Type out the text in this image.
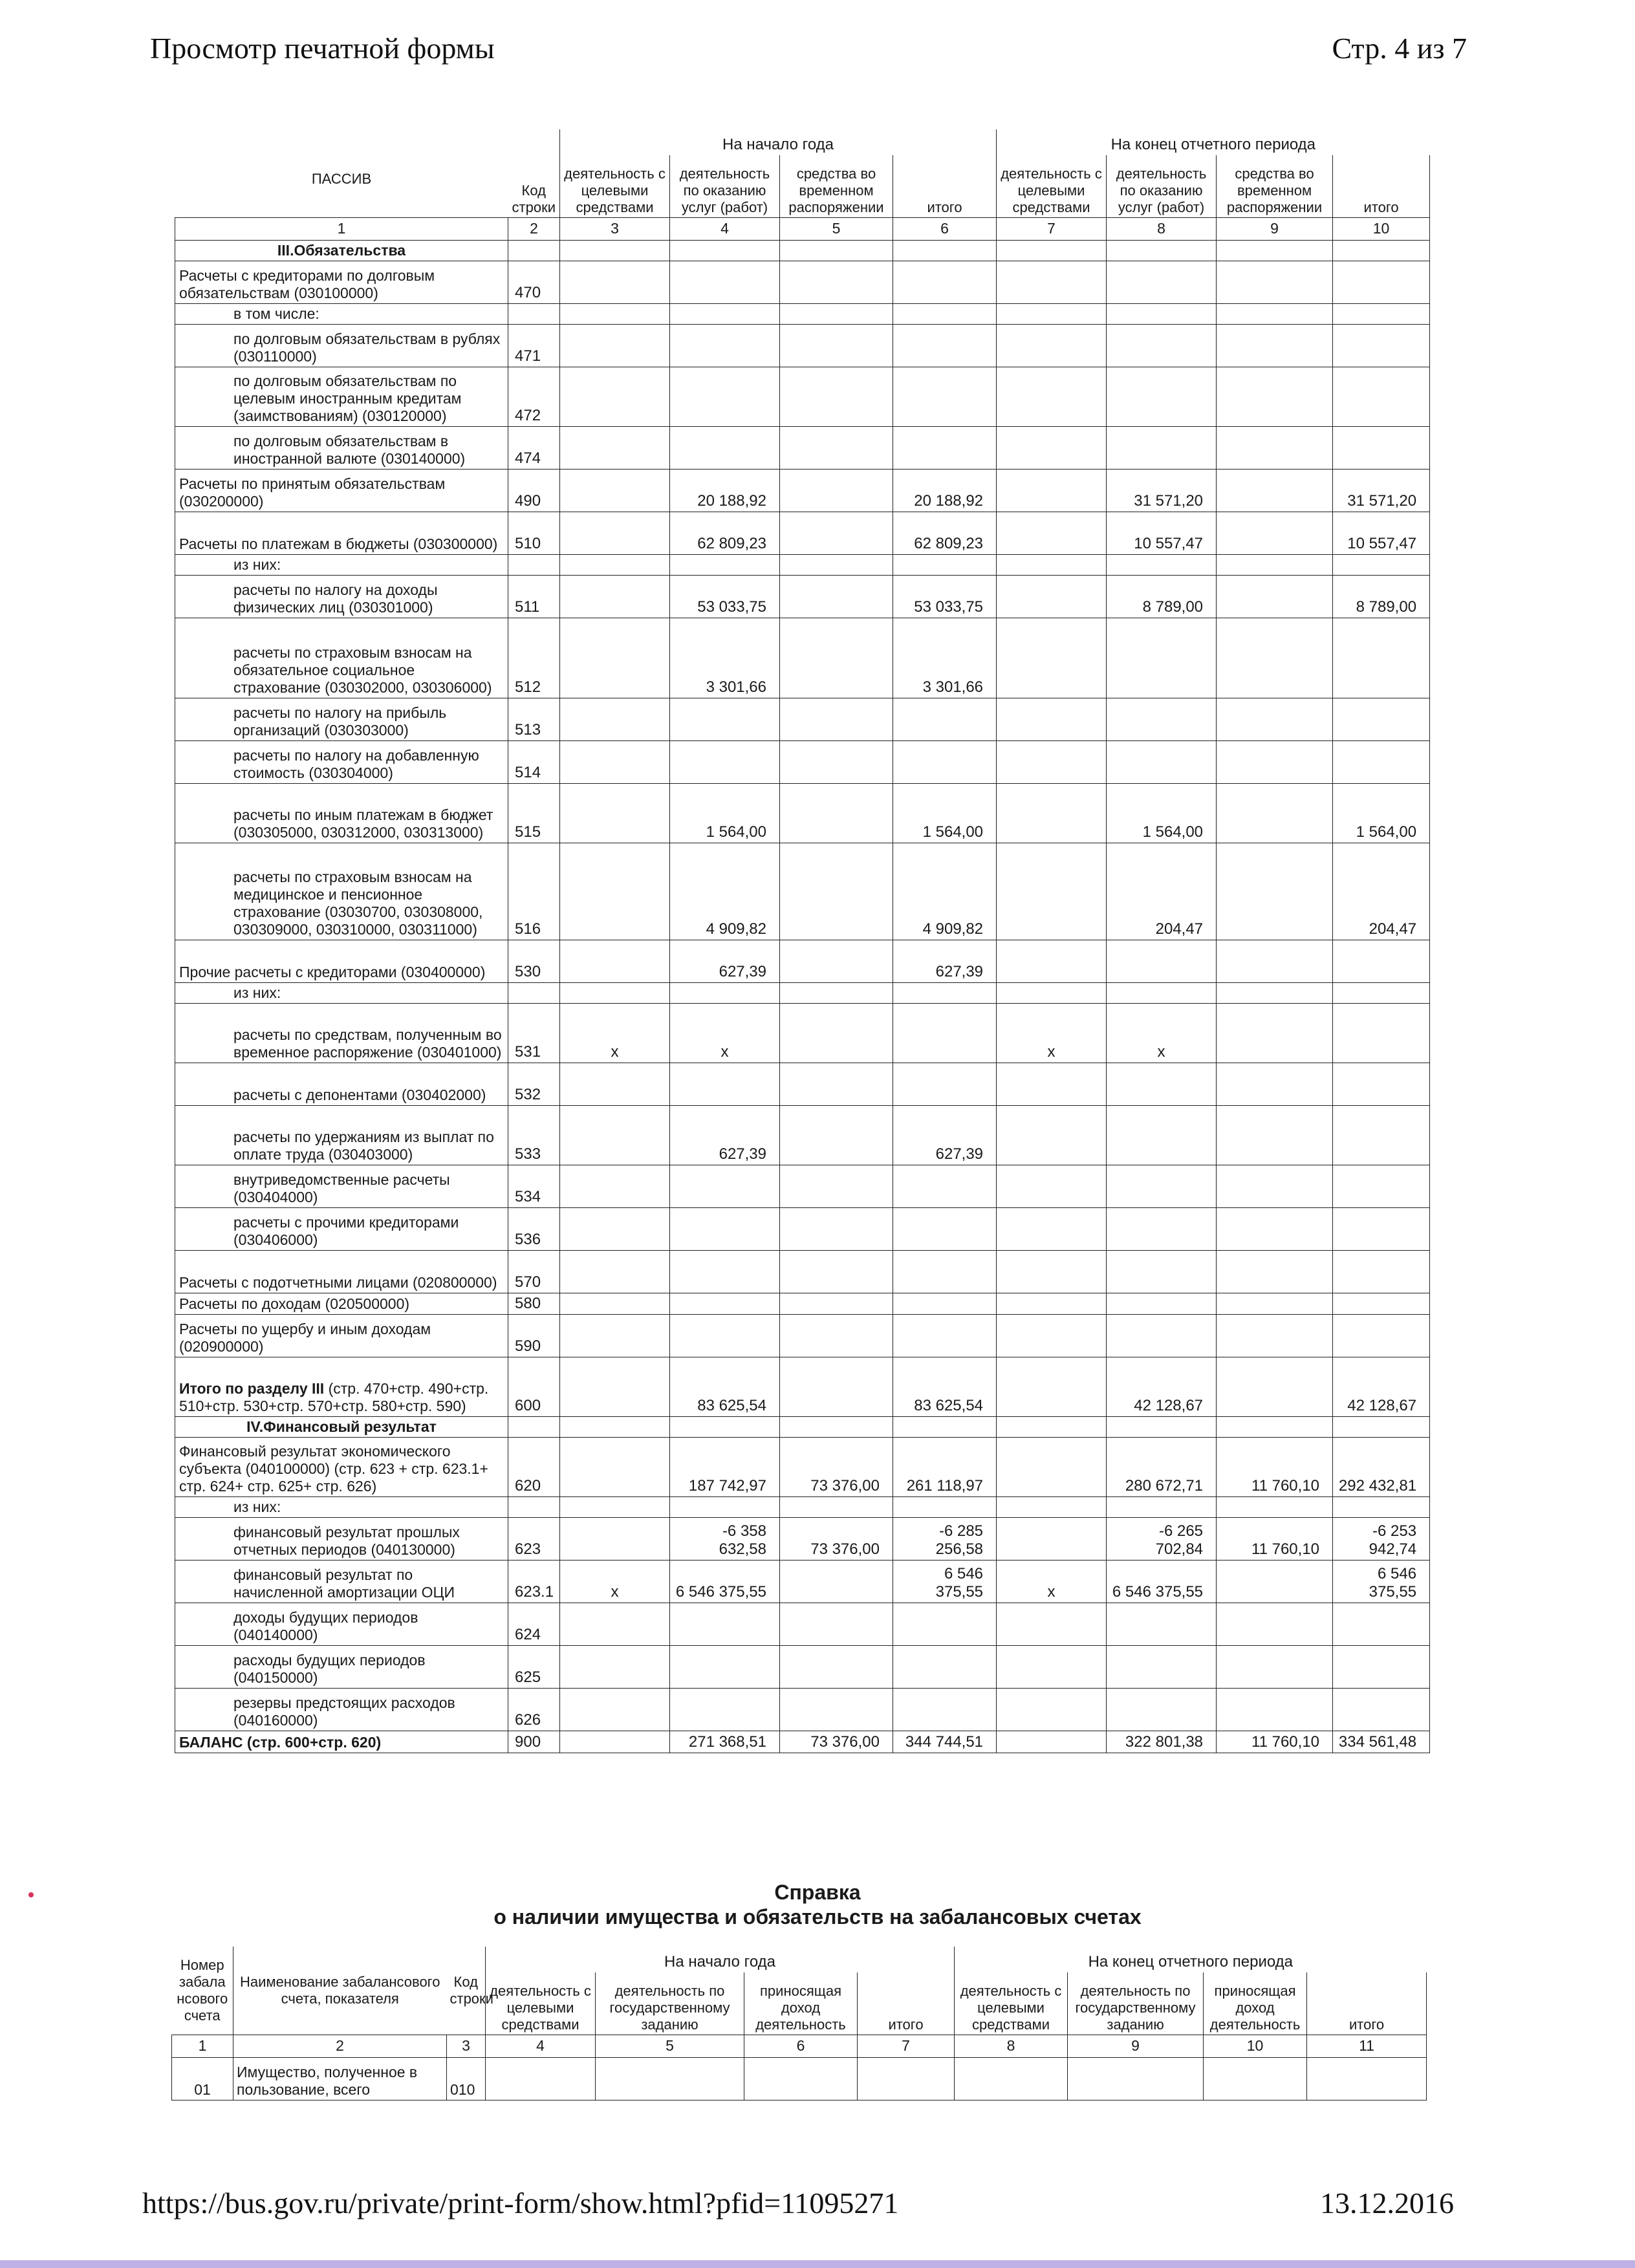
Просмотр печатной формы	Стр. 4 из 7
ПАССИВ	Код строки	На начало года				На конец отчетного периода			
		деятельность с целевыми средствами	деятельность по оказанию услуг (работ)	средства во временном распоряжении	итого	деятельность с целевыми средствами	деятельность по оказанию услуг (работ)	средства во временном распоряжении	итого
1	2	3	4	5	6	7	8	9	10
III.Обязательства									
Расчеты с кредиторами по долговым обязательствам (030100000)	470								
в том числе:									
по долговым обязательствам в рублях (030110000)	471								
по долговым обязательствам по целевым иностранным кредитам (заимствованиям) (030120000)	472								
по долговым обязательствам в иностранной валюте (030140000)	474								
Расчеты по принятым обязательствам (030200000)	490		20 188,92		20 188,92		31 571,20		31 571,20
Расчеты по платежам в бюджеты (030300000)	510		62 809,23		62 809,23		10 557,47		10 557,47
из них:									
расчеты по налогу на доходы физических лиц (030301000)	511		53 033,75		53 033,75		8 789,00		8 789,00
расчеты по страховым взносам на обязательное социальное страхование (030302000, 030306000)	512		3 301,66		3 301,66				
расчеты по налогу на прибыль организаций (030303000)	513								
расчеты по налогу на добавленную стоимость (030304000)	514								
расчеты по иным платежам в бюджет (030305000, 030312000, 030313000)	515		1 564,00		1 564,00		1 564,00		1 564,00
расчеты по страховым взносам на медицинское и пенсионное страхование (03030700, 030308000, 030309000, 030310000, 030311000)	516		4 909,82		4 909,82		204,47		204,47
Прочие расчеты с кредиторами (030400000)	530		627,39		627,39				
из них:									
расчеты по средствам, полученным во временное распоряжение (030401000)	531	x	x			x	x		
расчеты с депонентами (030402000)	532								
расчеты по удержаниям из выплат по оплате труда (030403000)	533		627,39		627,39				
внутриведомственные расчеты (030404000)	534								
расчеты с прочими кредиторами (030406000)	536								
Расчеты с подотчетными лицами (020800000)	570								
Расчеты по доходам (020500000)	580								
Расчеты по ущербу и иным доходам (020900000)	590								
Итого по разделу III (стр. 470+стр. 490+стр. 510+стр. 530+стр. 570+стр. 580+стр. 590)	600		83 625,54		83 625,54		42 128,67		42 128,67
IV.Финансовый результат									
Финансовый результат экономического субъекта (040100000) (стр. 623 + стр. 623.1+ стр. 624+ стр. 625+ стр. 626)	620		187 742,97	73 376,00	261 118,97		280 672,71	11 760,10	292 432,81
из них:									
финансовый результат прошлых отчетных периодов (040130000)	623		-6 358 632,58	73 376,00	-6 285 256,58		-6 265 702,84	11 760,10	-6 253 942,74
финансовый результат по начисленной амортизации ОЦИ	623.1	x	6 546 375,55		6 546 375,55	x	6 546 375,55		6 546 375,55
доходы будущих периодов (040140000)	624								
расходы будущих периодов (040150000)	625								
резервы предстоящих расходов (040160000)	626								
БАЛАНС (стр. 600+стр. 620)	900		271 368,51	73 376,00	344 744,51		322 801,38	11 760,10	334 561,48
Справка
о наличии имущества и обязательств на забалансовых счетах
Номер забала нсового счета	Наименование забалансового счета, показателя	Код строки	На начало года				На конец отчетного периода			
			деятельность с целевыми средствами	деятельность по государственному заданию	приносящая доход деятельность	итого	деятельность с целевыми средствами	деятельность по государственному заданию	приносящая доход деятельность	итого
1	2	3	4	5	6	7	8	9	10	11
01	Имущество, полученное в пользование, всего	010								
https://bus.gov.ru/private/print-form/show.html?pfid=11095271	13.12.2016
